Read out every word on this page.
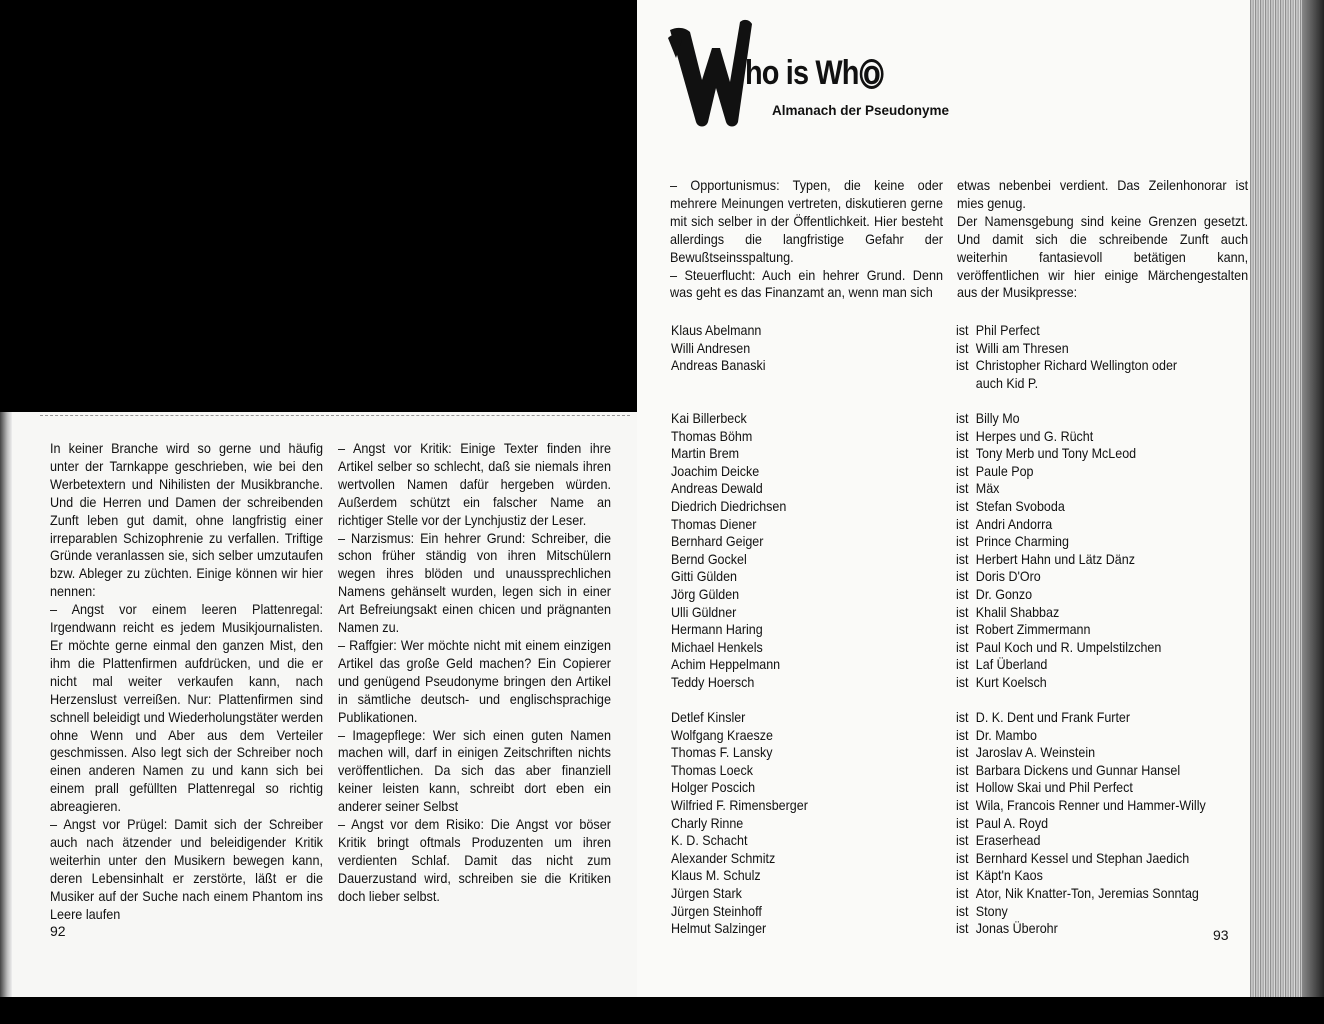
In keiner Branche wird so gerne und häufig unter der Tarnkappe geschrieben, wie bei den Werbetextern und Nihilisten der Musikbranche. Und die Herren und Damen der schreibenden Zunft leben gut damit, ohne langfristig einer irreparablen Schizophrenie zu verfallen. Triftige Gründe veranlassen sie, sich selber umzutaufen bzw. Ableger zu züchten. Einige können wir hier nennen:

– Angst vor einem leeren Plattenregal: Irgendwann reicht es jedem Musikjournalisten. Er möchte gerne einmal den ganzen Mist, den ihm die Plattenfirmen aufdrücken, und die er nicht mal weiter verkaufen kann, nach Herzenslust verreißen. Nur: Plattenfirmen sind schnell beleidigt und Wiederholungstäter werden ohne Wenn und Aber aus dem Verteiler geschmissen. Also legt sich der Schreiber noch einen anderen Namen zu und kann sich bei einem prall gefüllten Plattenregal so richtig abreagieren.

– Angst vor Prügel: Damit sich der Schreiber auch nach ätzender und beleidigender Kritik weiterhin unter den Musikern bewegen kann, deren Lebensinhalt er zerstörte, läßt er die Musiker auf der Suche nach einem Phantom ins Leere laufen

– Angst vor Kritik: Einige Texter finden ihre Artikel selber so schlecht, daß sie niemals ihren wertvollen Namen dafür hergeben würden. Außerdem schützt ein falscher Name an richtiger Stelle vor der Lynchjustiz der Leser.

– Narzismus: Ein hehrer Grund: Schreiber, die schon früher ständig von ihren Mitschülern wegen ihres blöden und unaussprechlichen Namens gehänselt wurden, legen sich in einer Art Befreiungsakt einen chicen und prägnanten Namen zu.

– Raffgier: Wer möchte nicht mit einem einzigen Artikel das große Geld machen? Ein Copierer und genügend Pseudonyme bringen den Artikel in sämtliche deutsch- und englischsprachige Publikationen.

– Imagepflege: Wer sich einen guten Namen machen will, darf in einigen Zeitschriften nichts veröffentlichen. Da sich das aber finanziell keiner leisten kann, schreibt dort eben ein anderer seiner Selbst

– Angst vor dem Risiko: Die Angst vor böser Kritik bringt oftmals Produzenten um ihren verdienten Schlaf. Damit das nicht zum Dauerzustand wird, schreiben sie die Kritiken doch lieber selbst.

92
ho is Wh o
Almanach der Pseudonyme

– Opportunismus: Typen, die keine oder mehrere Meinungen vertreten, diskutieren gerne mit sich selber in der Öffentlichkeit. Hier besteht allerdings die langfristige Gefahr der Bewußtseinsspaltung.

– Steuerflucht: Auch ein hehrer Grund. Denn was geht es das Finanzamt an, wenn man sich

etwas nebenbei verdient. Das Zeilenhonorar ist mies genug.

Der Namensgebung sind keine Grenzen gesetzt. Und damit sich die schreibende Zunft auch weiterhin fantasievoll betätigen kann, veröffentlichen wir hier einige Märchengestalten aus der Musikpresse:

Klaus Abelmann
Willi Andresen
Andreas Banaski
Kai Billerbeck
Thomas Böhm
Martin Brem
Joachim Deicke
Andreas Dewald
Diedrich Diedrichsen
Thomas Diener
Bernhard Geiger
Bernd Gockel
Gitti Gülden
Jörg Gülden
Ulli Güldner
Hermann Haring
Michael Henkels
Achim Heppelmann
Teddy Hoersch
Detlef Kinsler
Wolfgang Kraesze
Thomas F. Lansky
Thomas Loeck
Holger Poscich
Wilfried F. Rimensberger
Charly Rinne
K. D. Schacht
Alexander Schmitz
Klaus M. Schulz
Jürgen Stark
Jürgen Steinhoff
Helmut Salzinger
ist Phil Perfect
ist Willi am Thresen
ist Christopher Richard Wellington oder
auch Kid P.
ist Billy Mo
ist Herpes und G. Rücht
ist Tony Merb und Tony McLeod
ist Paule Pop
ist Mäx
ist Stefan Svoboda
ist Andri Andorra
ist Prince Charming
ist Herbert Hahn und Lätz Dänz
ist Doris D'Oro
ist Dr. Gonzo
ist Khalil Shabbaz
ist Robert Zimmermann
ist Paul Koch und R. Umpelstilzchen
ist Laf Überland
ist Kurt Koelsch
ist D. K. Dent und Frank Furter
ist Dr. Mambo
ist Jaroslav A. Weinstein
ist Barbara Dickens und Gunnar Hansel
ist Hollow Skai und Phil Perfect
ist Wila, Francois Renner und Hammer-Willy
ist Paul A. Royd
ist Eraserhead
ist Bernhard Kessel und Stephan Jaedich
ist Käpt'n Kaos
ist Ator, Nik Knatter-Ton, Jeremias Sonntag
ist Stony
ist Jonas Überohr	93
